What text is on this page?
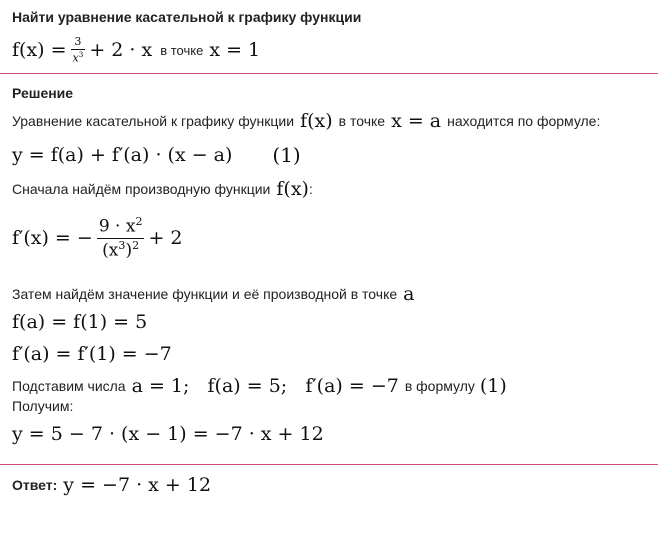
Найти уравнение касательной к графику функции
$f(x) = \frac{3}{x^3} + 2 \cdot x$ в точке x = 1
Решение
Уравнение касательной к графику функции f(x) в точке x = a находится по формуле:
y = f(a) + f′(a) · (x − a) (1)
Сначала найдём производную функции f(x) :
f′(x) = − $\frac{9 \cdot x^2}{(x^3)^2} + 2$
Затем найдём значение функции и её производной в точке a
f(a) = f(1) = 5
f′(a) = f′(1) = −7
Подставим числа a = 1;   f(a) = 5;   f′(a) = −7 в формулу (1)
Получим:
y = 5 − 7 · (x − 1) = −7 · x + 12
Ответ: y = −7 · x + 12
